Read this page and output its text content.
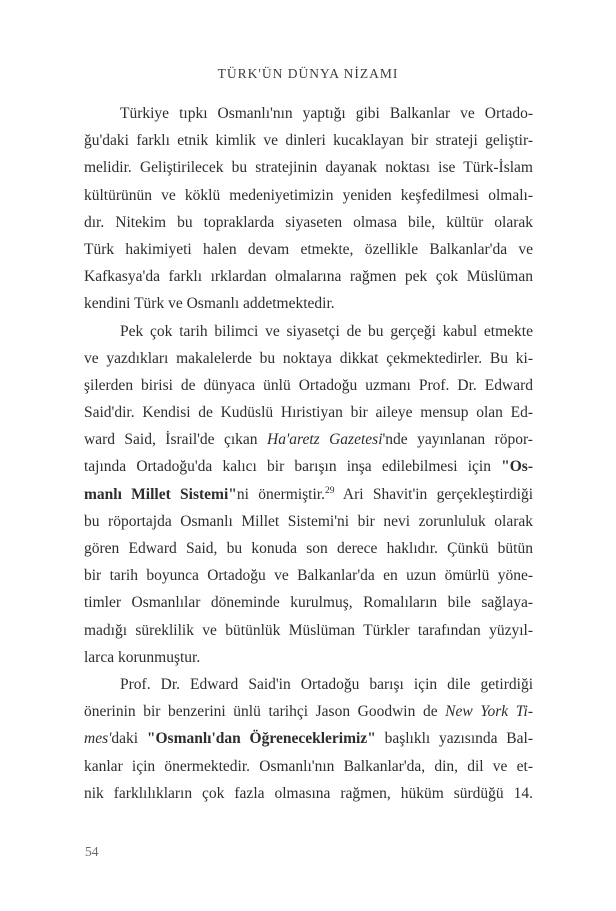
TÜRK'ÜN DÜNYA NİZAMI
Türkiye tıpkı Osmanlı'nın yaptığı gibi Balkanlar ve Ortado-
ğu'daki farklı etnik kimlik ve dinleri kucaklayan bir strateji geliştir-
melidir. Geliştirilecek bu stratejinin dayanak noktası ise Türk-İslam
kültürünün ve köklü medeniyetimizin yeniden keşfedilmesi olmalı-
dır. Nitekim bu topraklarda siyaseten olmasa bile, kültür olarak
Türk hakimiyeti halen devam etmekte, özellikle Balkanlar'da ve
Kafkasya'da farklı ırklardan olmalarına rağmen pek çok Müslüman
kendini Türk ve Osmanlı addetmektedir.
Pek çok tarih bilimci ve siyasetçi de bu gerçeği kabul etmekte
ve yazdıkları makalelerde bu noktaya dikkat çekmektedirler. Bu ki-
şilerden birisi de dünyaca ünlü Ortadoğu uzmanı Prof. Dr. Edward
Said'dir. Kendisi de Kudüslü Hıristiyan bir aileye mensup olan Ed-
ward Said, İsrail'de çıkan Ha'aretz Gazetesi'nde yayınlanan röpor-
tajında Ortadoğu'da kalıcı bir barışın inşa edilebilmesi için "Os-
manlı Millet Sistemi"ni önermiştir.$^{29}$ Ari Shavit'in gerçekleştirdiği
bu röportajda Osmanlı Millet Sistemi'ni bir nevi zorunluluk olarak
gören Edward Said, bu konuda son derece haklıdır. Çünkü bütün
bir tarih boyunca Ortadoğu ve Balkanlar'da en uzun ömürlü yöne-
timler Osmanlılar döneminde kurulmuş, Romalıların bile sağlaya-
madığı süreklilik ve bütünlük Müslüman Türkler tarafından yüzyıl-
larca korunmuştur.
Prof. Dr. Edward Said'in Ortadoğu barışı için dile getirdiği
önerinin bir benzerini ünlü tarihçi Jason Goodwin de New York Ti-
mes'daki "Osmanlı'dan Öğreneceklerimiz" başlıklı yazısında Bal-
kanlar için önermektedir. Osmanlı'nın Balkanlar'da, din, dil ve et-
nik farklılıkların çok fazla olmasına rağmen, hüküm sürdüğü 14.
54
